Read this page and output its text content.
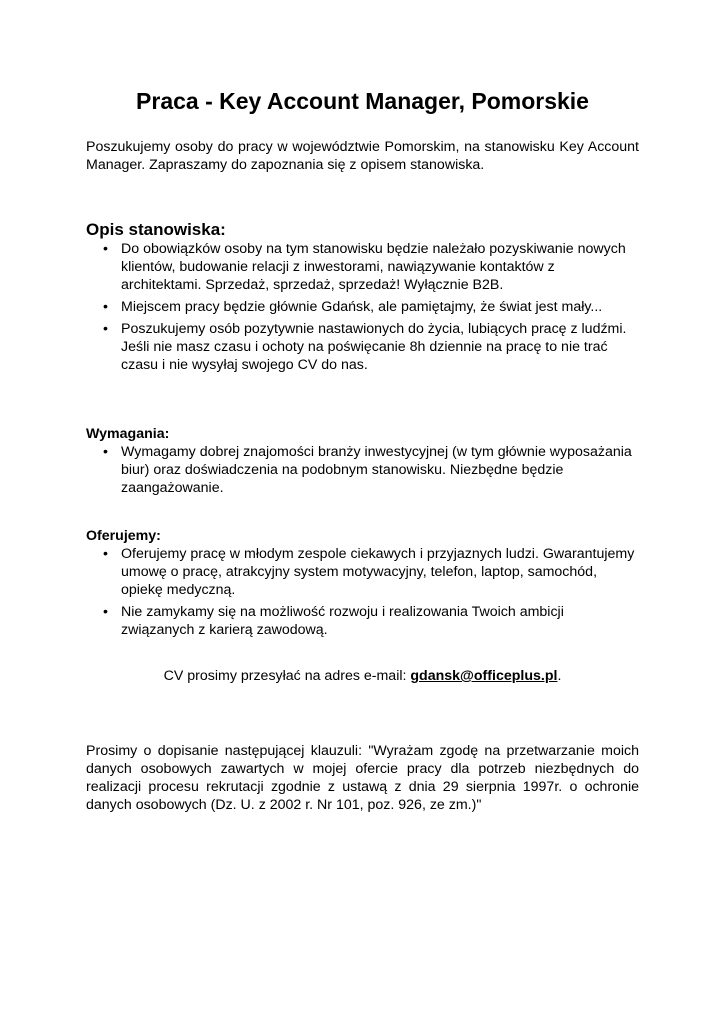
Praca - Key Account Manager, Pomorskie

Poszukujemy osoby do pracy w województwie Pomorskim, na stanowisku Key Account Manager. Zapraszamy do zapoznania się z opisem stanowiska.

Opis stanowiska:
• Do obowiązków osoby na tym stanowisku będzie należało pozyskiwanie nowych klientów, budowanie relacji z inwestorami, nawiązywanie kontaktów z architektami. Sprzedaż, sprzedaż, sprzedaż! Wyłącznie B2B.
• Miejscem pracy będzie głównie Gdańsk, ale pamiętajmy, że świat jest mały...
• Poszukujemy osób pozytywnie nastawionych do życia, lubiących pracę z ludźmi. Jeśli nie masz czasu i ochoty na poświęcanie 8h dziennie na pracę to nie trać czasu i nie wysyłaj swojego CV do nas.
Wymagania:
• Wymagamy dobrej znajomości branży inwestycyjnej (w tym głównie wyposażania biur) oraz doświadczenia na podobnym stanowisku. Niezbędne będzie zaangażowanie.
Oferujemy:
• Oferujemy pracę w młodym zespole ciekawych i przyjaznych ludzi. Gwarantujemy umowę o pracę, atrakcyjny system motywacyjny, telefon, laptop, samochód, opiekę medyczną.
• Nie zamykamy się na możliwość rozwoju i realizowania Twoich ambicji związanych z karierą zawodową.

CV prosimy przesyłać na adres e-mail: gdansk@officeplus.pl.

Prosimy o dopisanie następującej klauzuli: "Wyrażam zgodę na przetwarzanie moich danych osobowych zawartych w mojej ofercie pracy dla potrzeb niezbędnych do realizacji procesu rekrutacji zgodnie z ustawą z dnia 29 sierpnia 1997r. o ochronie danych osobowych (Dz. U. z 2002 r. Nr 101, poz. 926, ze zm.)"
